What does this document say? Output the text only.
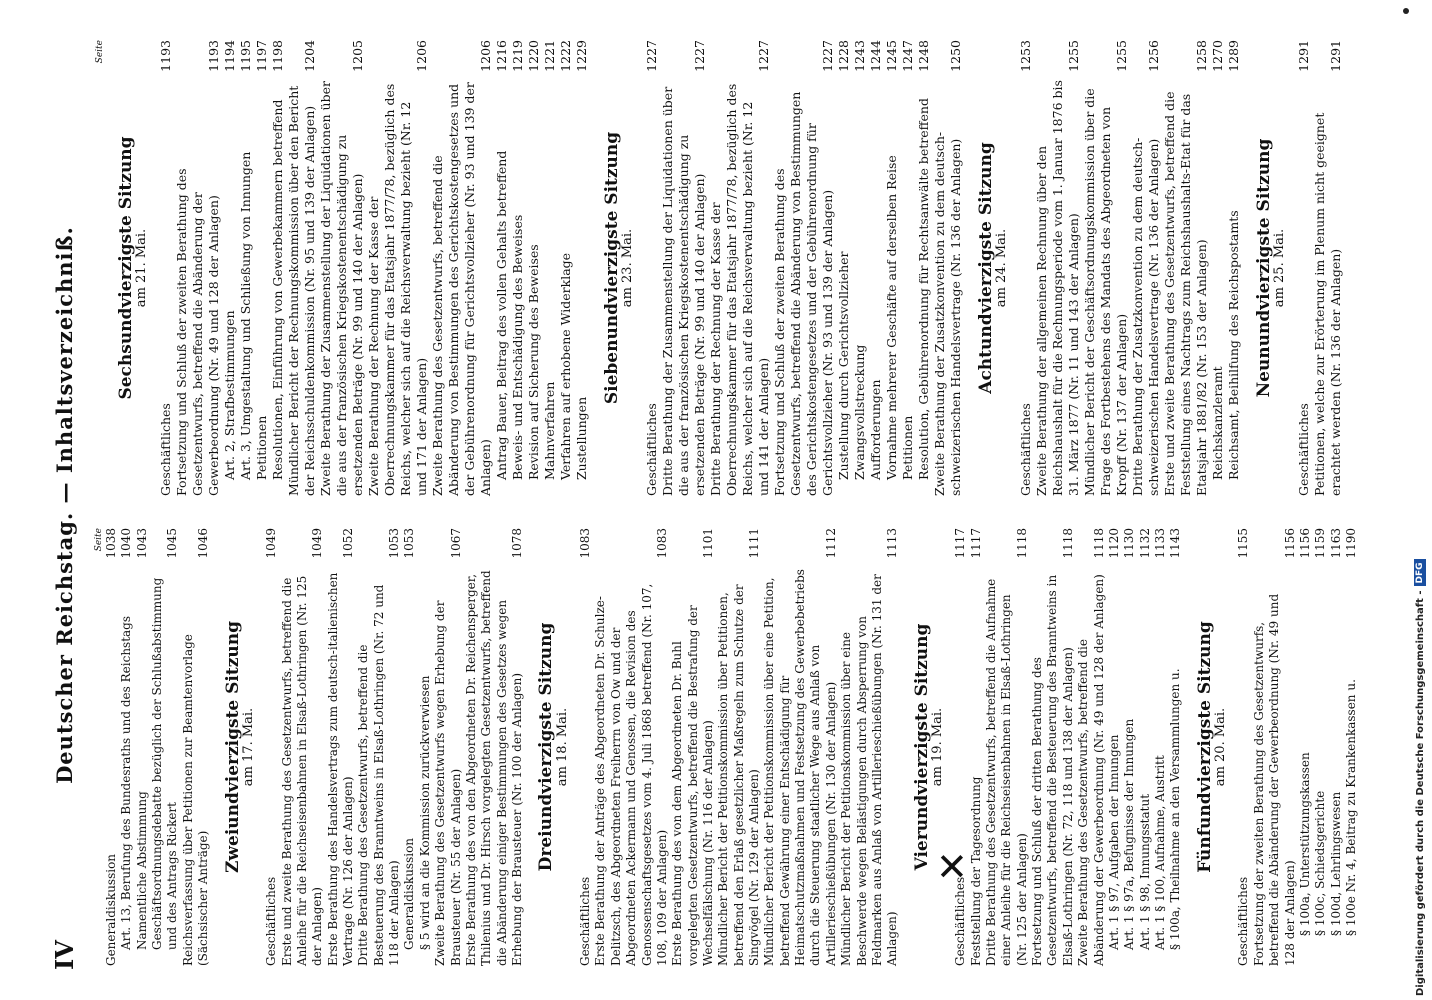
IV
Deutscher Reichstag. — Inhaltsverzeichniß. Seite
Generaldiskussion
1038
Art. 13, Berufung des Bundesraths und des Reichstags
1040
Namentliche Abstimmung
1043
Geschäftsordnungsdebatte bezüglich der Schlußabstimmung und des Antrags Rickert
1045
Reichsverfassung über Petitionen zur Beamtenvorlage (Sächsischer Anträge)
1046
Zweiundvierzigste Sitzung
am 17. Mai.
Geschäftliches
1049
Erste und zweite Berathung des Gesetzentwurfs, betreffend die Anleihe für die Reichseisenbahnen in Elsaß-Lothringen (Nr. 125 der Anlagen)
1049
Erste Berathung des Handelsvertrags zum deutsch-italienischen Vertrage (Nr. 126 der Anlagen)
1052
Dritte Berathung des Gesetzentwurfs, betreffend die Besteuerung des Branntweins in Elsaß-Lothringen (Nr. 72 und 118 der Anlagen)
1053
Generaldiskussion
1053
§ 5 wird an die Kommission zurückverwiesen Zweite Berathung des Gesetzentwurfs wegen Erhebung der Brausteuer (Nr. 55 der Anlagen)
1067
Erste Berathung des von den Abgeordneten Dr. Reichensperger, Thilenius und Dr. Hirsch vorgelegten Gesetzentwurfs, betreffend die Abänderung einiger Bestimmungen des Gesetzes wegen Erhebung der Brausteuer (Nr. 100 der Anlagen)
1078
Dreiundvierzigste Sitzung
am 18. Mai.
Geschäftliches
1083
Erste Berathung der Anträge des Abgeordneten Dr. Schulze-Delitzsch, des Abgeordneten Freiherrn von Ow und der Abgeordneten Ackermann und Genossen, die Revision des Genossenschaftsgesetzes vom 4. Juli 1868 betreffend (Nr. 107, 108, 109 der Anlagen)
1083
Erste Berathung des von dem Abgeordneten Dr. Buhl vorgelegten Gesetzentwurfs, betreffend die Bestrafung der Wechselfälschung (Nr. 116 der Anlagen)
1101
Mündlicher Bericht der Petitionskommission über Petitionen, betreffend den Erlaß gesetzlicher Maßregeln zum Schutze der Singvögel (Nr. 129 der Anlagen)
1111
Mündlicher Bericht der Petitionskommission über eine Petition, betreffend Gewährung einer Entschädigung für Heimatschutzmaßnahmen und Festsetzung des Gewerbebetriebs durch die Steuerung staatlicher Wege aus Anlaß von Artillerieschießübungen (Nr. 130 der Anlagen)
1112
Mündlicher Bericht der Petitionskommission über eine Beschwerde wegen Belästigungen durch Absperrung von Feldmarken aus Anlaß von Artillerieschießübungen (Nr. 131 der Anlagen)
1113
Vierundvierzigste Sitzung
am 19. Mai.
Geschäftliches
1117
Feststellung der Tagesordnung
1117
Dritte Berathung des Gesetzentwurfs, betreffend die Aufnahme einer Anleihe für die Reichseisenbahnen in Elsaß-Lothringen (Nr. 125 der Anlagen)
1118
Fortsetzung und Schluß der dritten Berathung des Gesetzentwurfs, betreffend die Besteuerung des Branntweins in Elsaß-Lothringen (Nr. 72, 118 und 138 der Anlagen)
1118
Zweite Berathung des Gesetzentwurfs, betreffend die Abänderung der Gewerbeordnung (Nr. 49 und 128 der Anlagen)
1118
Art. 1 § 97, Aufgaben der Innungen
1120
Art. 1 § 97a, Befugnisse der Innungen
1130
Art. 1 § 98, Innungsstatut
1132
Art. 1 § 100, Aufnahme, Austritt
1133
§ 100a, Theilnahme an den Versammlungen u.
1143
Fünfundvierzigste Sitzung
am 20. Mai.
Geschäftliches
1155
Fortsetzung der zweiten Berathung des Gesetzentwurfs, betreffend die Abänderung der Gewerbeordnung (Nr. 49 und 128 der Anlagen)
1156
§ 100a, Unterstützungskassen
1156
§ 100c, Schiedsgerichte
1159
§ 100d, Lehrlingswesen
1163
§ 100e Nr. 4, Beitrag zu Krankenkassen u.
1190
Seite
Sechsundvierzigste Sitzung
am 21. Mai.
Geschäftliches
1193
Fortsetzung und Schluß der zweiten Berathung des Gesetzentwurfs, betreffend die Abänderung der Gewerbeordnung (Nr. 49 und 128 der Anlagen)
1193
Art. 2, Strafbestimmungen
1194
Art. 3, Umgestaltung und Schließung von Innungen
1195
Petitionen
1197
Resolutionen, Einführung von Gewerbekammern betreffend
1198
Mündlicher Bericht der Rechnungskommission über den Bericht der Reichsschuldenkommission (Nr. 95 und 139 der Anlagen)
1204
Zweite Berathung der Zusammenstellung der Liquidationen über die aus der französischen Kriegskostenentschädigung zu ersetzenden Beträge (Nr. 99 und 140 der Anlagen)
1205
Zweite Berathung der Rechnung der Kasse der Oberrechnungskammer für das Etatsjahr 1877/78, bezüglich des Reichs, welcher sich auf die Reichsverwaltung bezieht (Nr. 12 und 171 der Anlagen)
1206
Zweite Berathung des Gesetzentwurfs, betreffend die Abänderung von Bestimmungen des Gerichtskostengesetzes und der Gebührenordnung für Gerichtsvollzieher (Nr. 93 und 139 der Anlagen)
1206
Antrag Bauer, Beitrag des vollen Gehalts betreffend
1216
Beweis- und Entschädigung des Beweises
1219
Revision auf Sicherung des Beweises
1220
Mahnverfahren
1221
Verfahren auf erhobene Widerklage
1222
Zustellungen
1229
Siebenundvierzigste Sitzung
am 23. Mai.
Geschäftliches
1227
Dritte Berathung der Zusammenstellung der Liquidationen über die aus der französischen Kriegskostenentschädigung zu ersetzenden Beträge (Nr. 99 und 140 der Anlagen)
1227
Dritte Berathung der Rechnung der Kasse der Oberrechnungskammer für das Etatsjahr 1877/78, bezüglich des Reichs, welcher sich auf die Reichsverwaltung bezieht (Nr. 12 und 141 der Anlagen)
1227
Fortsetzung und Schluß der zweiten Berathung des Gesetzentwurfs, betreffend die Abänderung von Bestimmungen des Gerichtskostengesetzes und der Gebührenordnung für Gerichtsvollzieher (Nr. 93 und 139 der Anlagen)
1227
Zustellung durch Gerichtsvollzieher
1228
Zwangsvollstreckung
1243
Aufforderungen
1244
Vornahme mehrerer Geschäfte auf derselben Reise
1245
Petitionen
1247
Resolution, Gebührenordnung für Rechtsanwälte betreffend
1248
Zweite Berathung der Zusatzkonvention zu dem deutsch-schweizerischen Handelsvertrage (Nr. 136 der Anlagen)
1250
Achtundvierzigste Sitzung
am 24. Mai.
Geschäftliches
1253
Zweite Berathung der allgemeinen Rechnung über den Reichshaushalt für die Rechnungsperiode vom 1. Januar 1876 bis 31. März 1877 (Nr. 11 und 143 der Anlagen)
1255
Mündlicher Bericht der Geschäftsordnungskommission über die Frage des Fortbestehens des Mandats des Abgeordneten von Kropff (Nr. 137 der Anlagen)
1255
Dritte Berathung der Zusatzkonvention zu dem deutsch-schweizerischen Handelsvertrage (Nr. 136 der Anlagen)
1256
Erste und zweite Berathung des Gesetzentwurfs, betreffend die Feststellung eines Nachtrags zum Reichshaushalts-Etat für das Etatsjahr 1881/82 (Nr. 153 der Anlagen)
1258
Reichskanzleramt
1270
Reichsamt, Beihilfung des Reichspostamts
1289
Neunundvierzigste Sitzung
am 25. Mai.
Geschäftliches
1291
Petitionen, welche zur Erörterung im Plenum nicht geeignet erachtet werden (Nr. 136 der Anlagen)
1291
✕	Digitalisierung gefördert durch die Deutsche Forschungsgemeinschaft -
DFG
